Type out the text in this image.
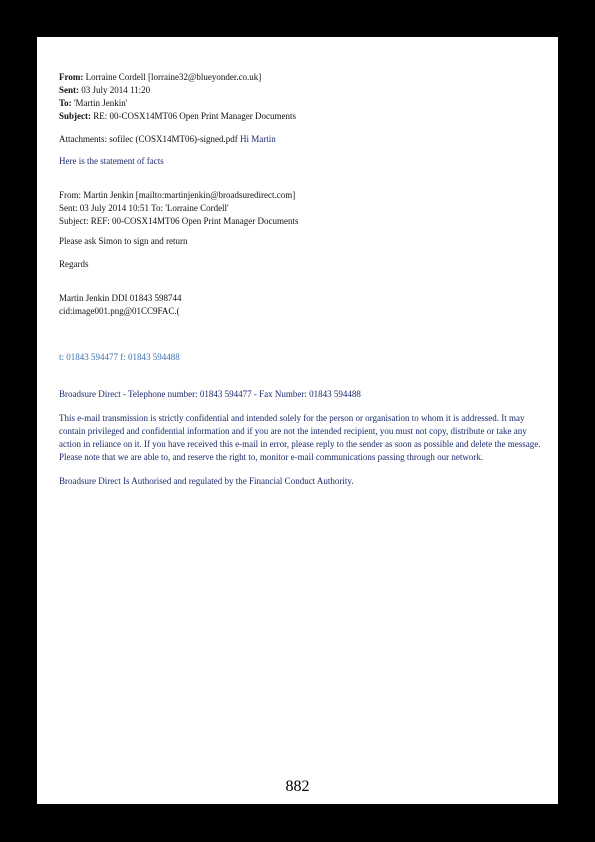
From: Lorraine Cordell [lorraine32@blueyonder.co.uk]
Sent: 03 July 2014 11:20
To: 'Martin Jenkin'
Subject: RE: 00-COSX14MT06 Open Print Manager Documents
Attachments: sofilec (COSX14MT06)-signed.pdf Hi Martin
Here is the statement of facts
From: Martin Jenkin [mailto:martinjenkin@broadsuredirect.com]
Sent: 03 July 2014 10:51 To: 'Lorraine Cordell'
Subject: REF: 00-COSX14MT06 Open Print Manager Documents
Please ask Simon to sign and return
Regards
Martin Jenkin DDI 01843 598744
cid:image001.png@01CC9FAC.(
t: 01843 594477 f: 01843 594488
Broadsure Direct - Telephone number: 01843 594477 - Fax Number: 01843 594488
This e-mail transmission is strictly confidential and intended solely for the person or organisation to whom it is addressed. It may contain privileged and confidential information and if you are not the intended recipient, you must not copy, distribute or take any action in reliance on it. If you have received this e-mail in error, please reply to the sender as soon as possible and delete the message. Please note that we are able to, and reserve the right to, monitor e-mail communications passing through our network.
Broadsure Direct Is Authorised and regulated by the Financial Conduct Authority.
882
